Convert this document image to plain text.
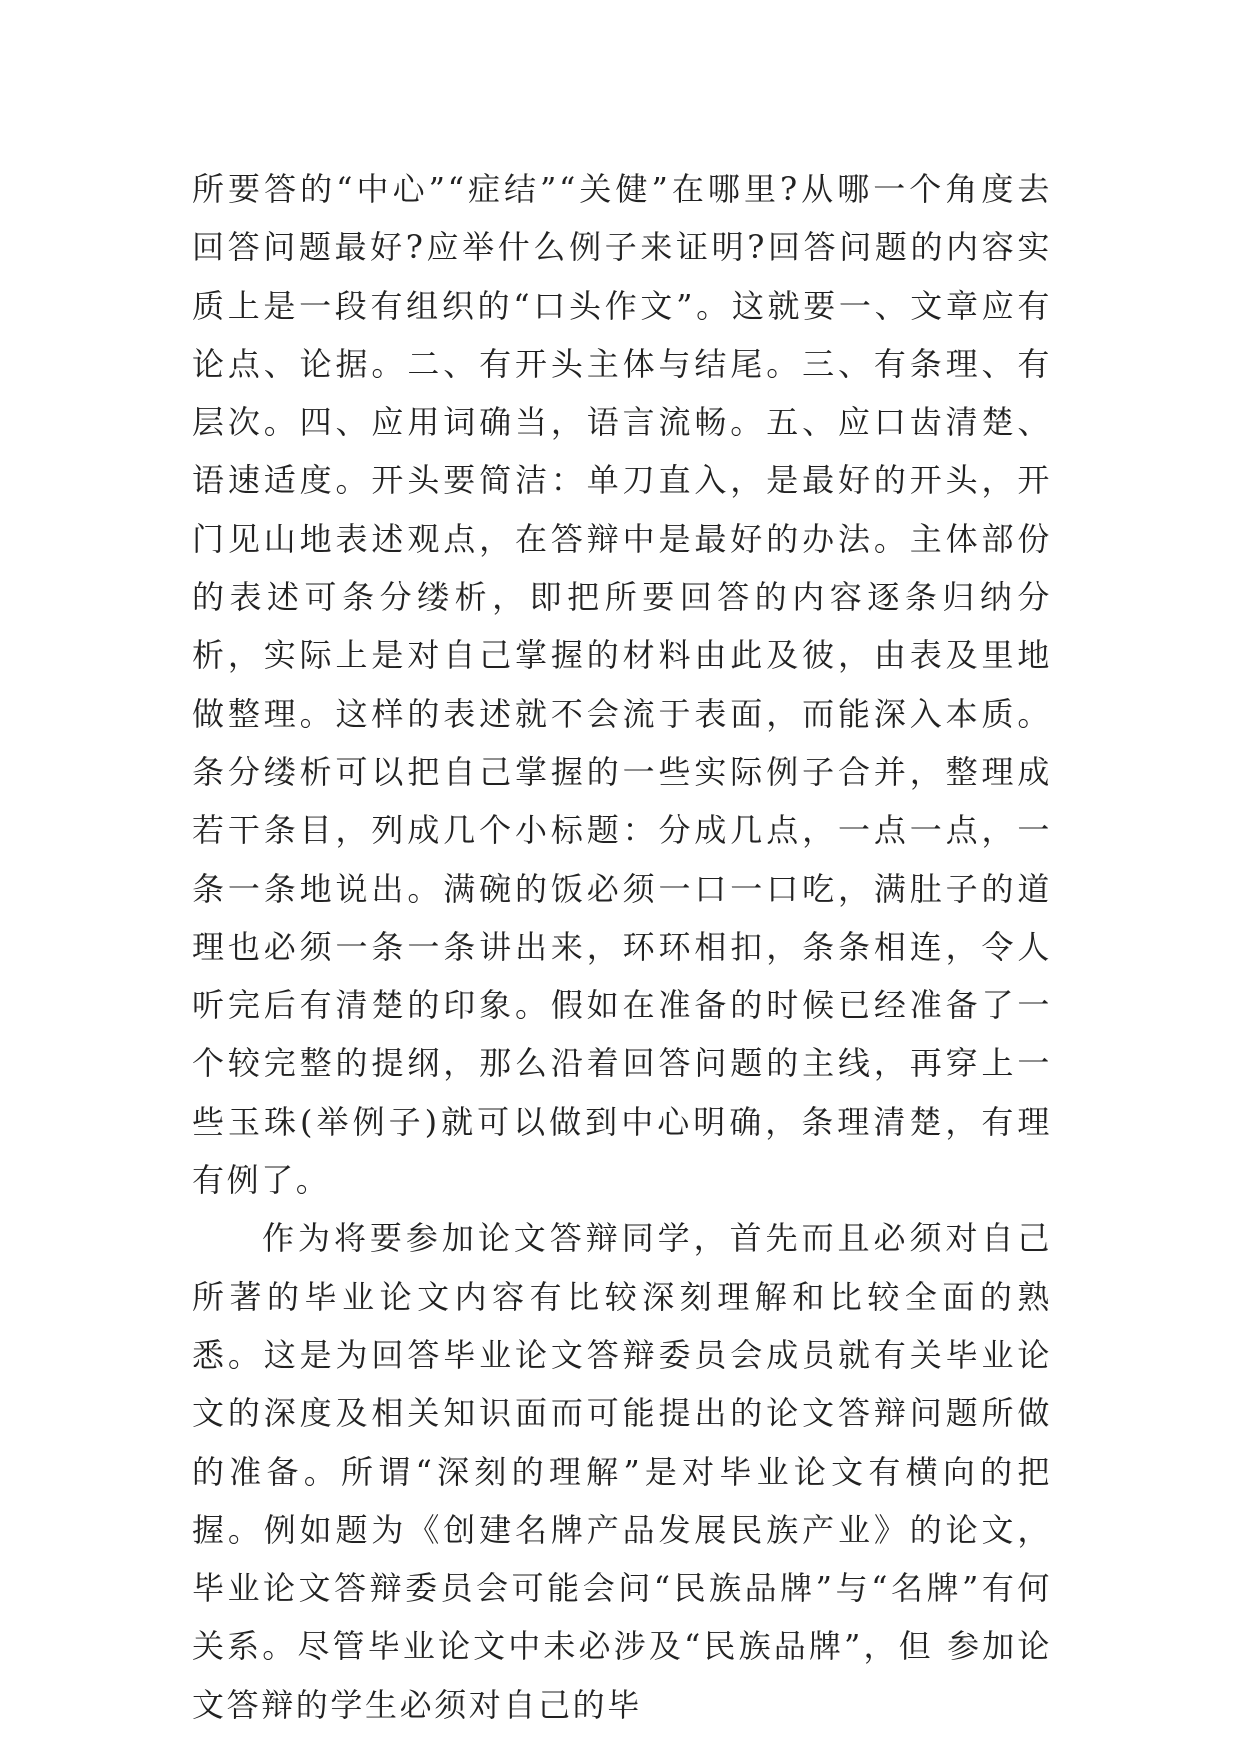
所要答的“中心”“症结”“关健”在哪里?从哪一个角度去回答问题最好?应举什么例子来证明?回答问题的内容实质上是一段有组织的“口头作文”。这就要一、文章应有论点、论据。二、有开头主体与结尾。三、有条理、有层次。四、应用词确当，语言流畅。五、应口齿清楚、语速适度。开头要简洁：单刀直入，是最好的开头，开门见山地表述观点，在答辩中是最好的办法。主体部份的表述可条分缕析，即把所要回答的内容逐条归纳分析，实际上是对自己掌握的材料由此及彼，由表及里地做整理。这样的表述就不会流于表面，而能深入本质。条分缕析可以把自己掌握的一些实际例子合并，整理成若干条目，列成几个小标题：分成几点，一点一点，一条一条地说出。满碗的饭必须一口一口吃，满肚子的道理也必须一条一条讲出来，环环相扣，条条相连，令人听完后有清楚的印象。假如在准备的时候已经准备了一个较完整的提纲，那么沿着回答问题的主线，再穿上一些玉珠(举例子)就可以做到中心明确，条理清楚，有理有例了。

作为将要参加论文答辩同学，首先而且必须对自己所著的毕业论文内容有比较深刻理解和比较全面的熟悉。这是为回答毕业论文答辩委员会成员就有关毕业论文的深度及相关知识面而可能提出的论文答辩问题所做的准备。所谓“深刻的理解”是对毕业论文有横向的把握。例如题为《创建名牌产品发展民族产业》的论文，毕业论文答辩委员会可能会问“民族品牌”与“名牌”有何关系。尽管毕业论文中未必涉及“民族品牌”，但 参加论文答辩的学生必须对自己的毕
